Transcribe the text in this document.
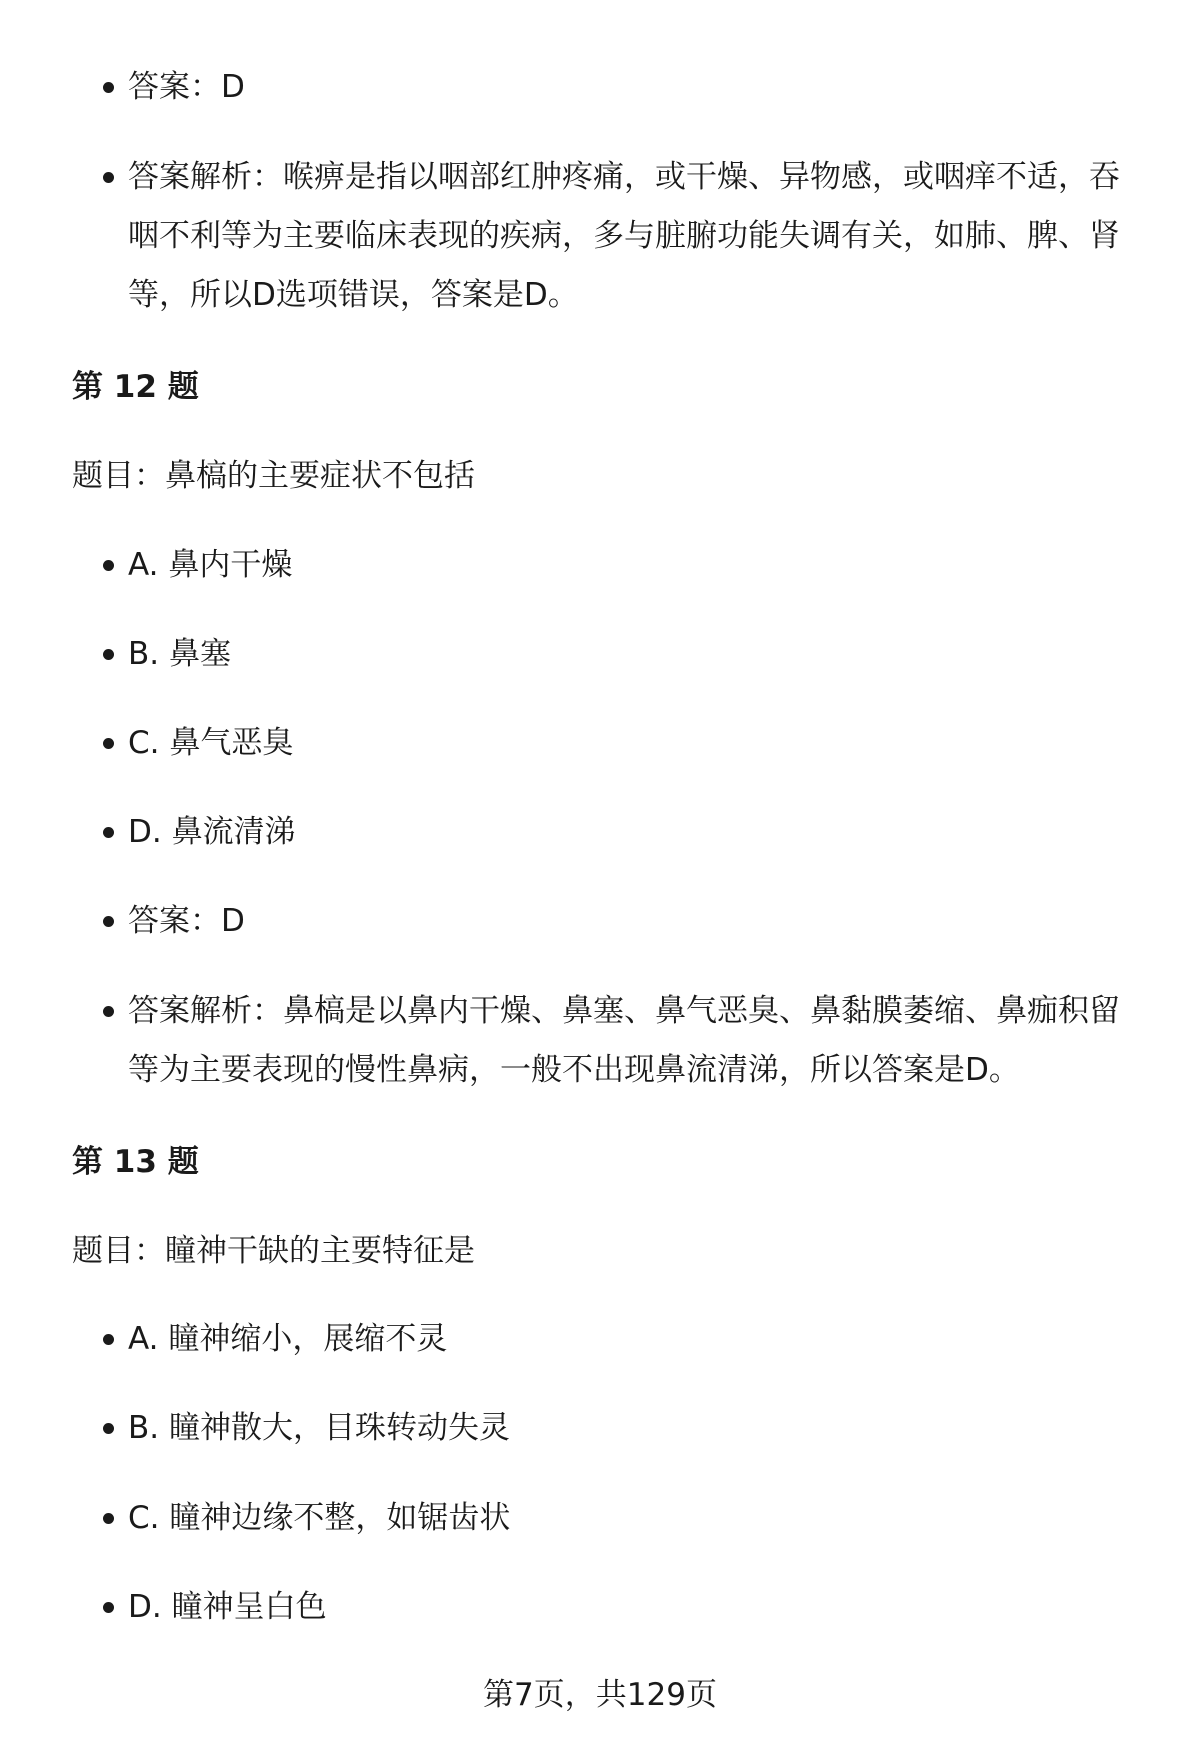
答案：D
答案解析：喉痹是指以咽部红肿疼痛，或干燥、异物感，或咽痒不适，吞咽不利等为主要临床表现的疾病，多与脏腑功能失调有关，如肺、脾、肾等，所以D选项错误，答案是D。
第 12 题
题目：鼻槁的主要症状不包括
A. 鼻内干燥
B. 鼻塞
C. 鼻气恶臭
D. 鼻流清涕
答案：D
答案解析：鼻槁是以鼻内干燥、鼻塞、鼻气恶臭、鼻黏膜萎缩、鼻痂积留等为主要表现的慢性鼻病，一般不出现鼻流清涕，所以答案是D。
第 13 题
题目：瞳神干缺的主要特征是
A. 瞳神缩小，展缩不灵
B. 瞳神散大，目珠转动失灵
C. 瞳神边缘不整，如锯齿状
D. 瞳神呈白色
第7页，共129页
